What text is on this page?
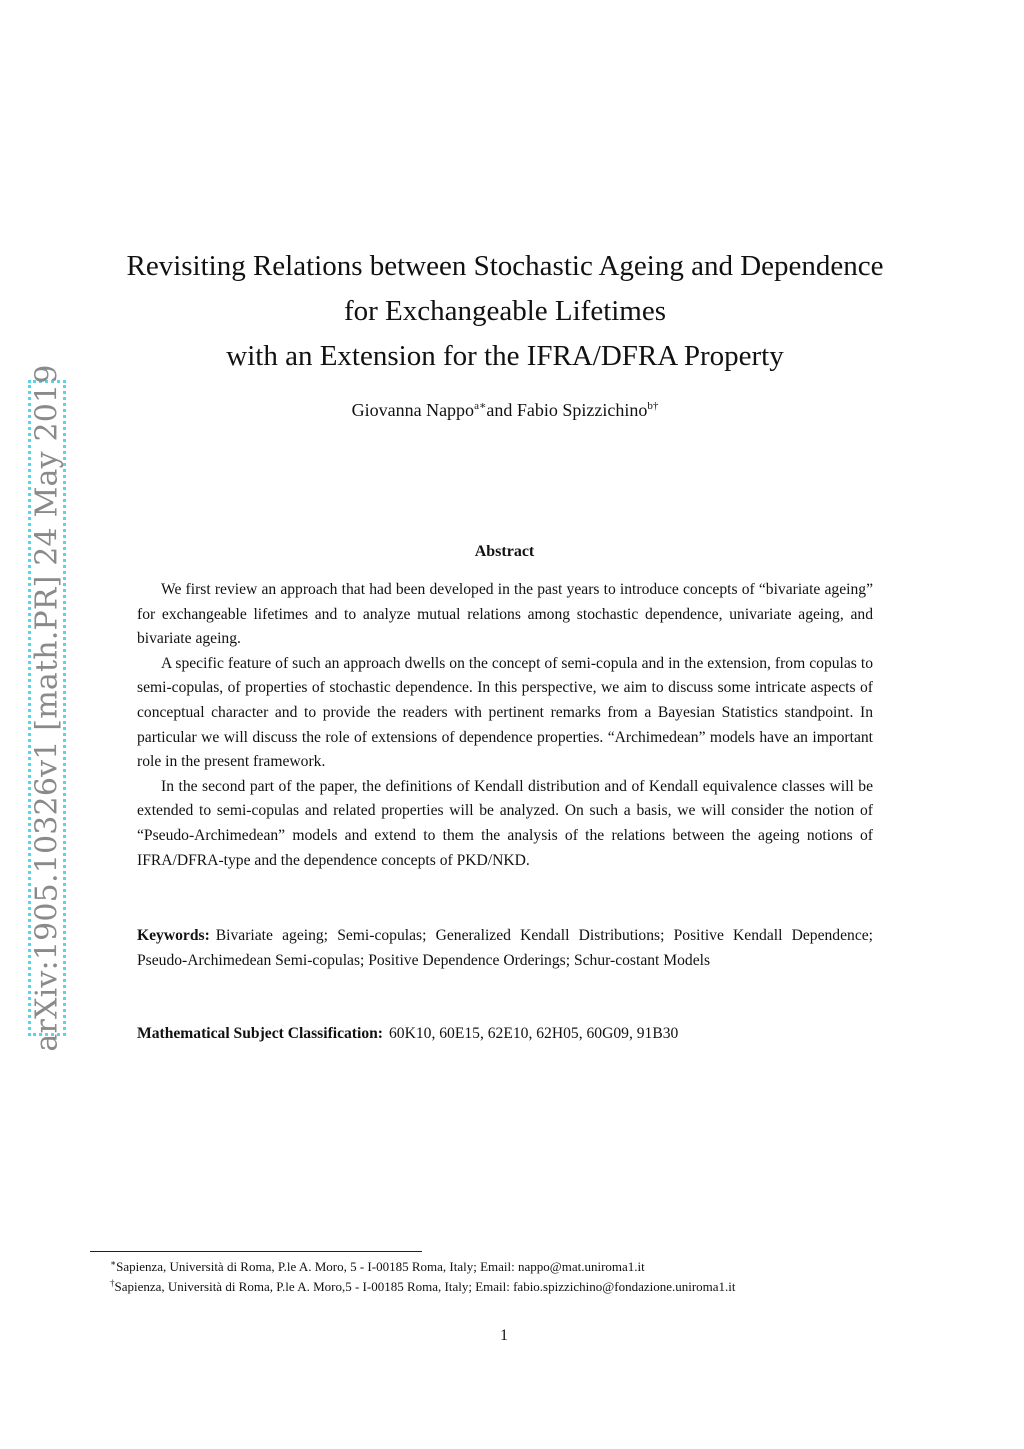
arXiv:1905.10326v1 [math.PR] 24 May 2019
Revisiting Relations between Stochastic Ageing and Dependence
for Exchangeable Lifetimes
with an Extension for the IFRA/DFRA Property
Giovanna Nappo$^{a∗}$and Fabio Spizzichino$^{b\dagger}$
Abstract

We first review an approach that had been developed in the past years to introduce concepts of “bivariate ageing” for exchangeable lifetimes and to analyze mutual relations among stochastic dependence, univariate ageing, and bivariate ageing.

A specific feature of such an approach dwells on the concept of semi-copula and in the extension, from copulas to semi-copulas, of properties of stochastic dependence. In this perspective, we aim to discuss some intricate aspects of conceptual character and to provide the readers with pertinent remarks from a Bayesian Statistics standpoint. In particular we will discuss the role of extensions of dependence properties. “Archimedean” models have an important role in the present framework.

In the second part of the paper, the definitions of Kendall distribution and of Kendall equivalence classes will be extended to semi-copulas and related properties will be analyzed. On such a basis, we will consider the notion of “Pseudo-Archimedean” models and extend to them the analysis of the relations between the ageing notions of IFRA/DFRA-type and the dependence concepts of PKD/NKD.

Keywords: Bivariate ageing; Semi-copulas; Generalized Kendall Distributions; Positive Kendall Dependence; Pseudo-Archimedean Semi-copulas; Positive Dependence Orderings; Schur-costant Models
Mathematical Subject Classification: 60K10, 60E15, 62E10, 62H05, 60G09, 91B30
∗Sapienza, Università di Roma, P.le A. Moro, 5 - I-00185 Roma, Italy; Email: nappo@mat.uniroma1.it
†Sapienza, Università di Roma, P.le A. Moro,5 - I-00185 Roma, Italy; Email: fabio.spizzichino@fondazione.uniroma1.it
1
